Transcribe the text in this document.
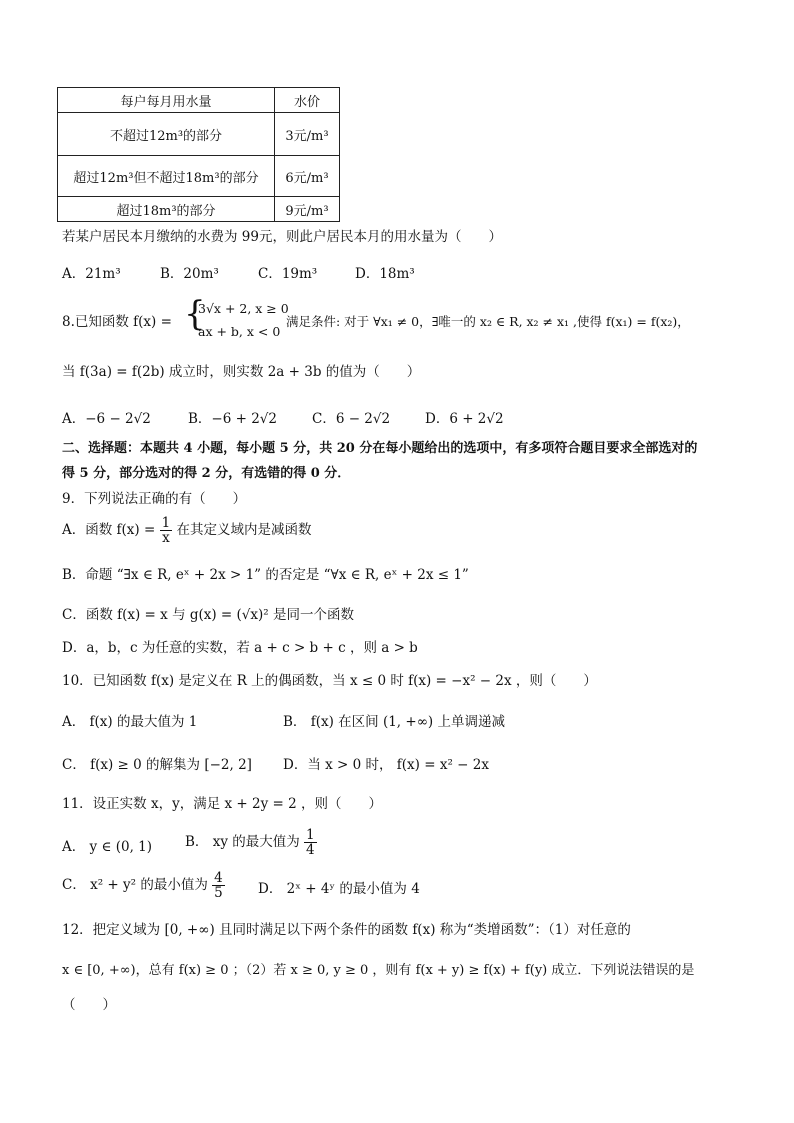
每户每月用水量	水价
不超过12m³的部分	3元/m³
超过12m³但不超过18m³的部分	6元/m³
超过18m³的部分	9元/m³
若某户居民本月缴纳的水费为 99元，则此户居民本月的用水量为（　　）
A．21m³	B．20m³	C．19m³	D．18m³
8.已知函数 f(x) = {
3√x + 2, x ≥ 0
ax + b, x < 0
满足条件: 对于 ∀x₁ ≠ 0，∃唯一的 x₂ ∈ R, x₂ ≠ x₁ ,使得 f(x₁) = f(x₂)，
当 f(3a) = f(2b) 成立时，则实数 2a + 3b 的值为（　　）
A．−6 − 2√2	B．−6 + 2√2	C．6 − 2√2	D．6 + 2√2
二、选择题：本题共 4 小题，每小题 5 分，共 20 分在每小题给出的选项中，有多项符合题目要求全部选对的
得 5 分，部分选对的得 2 分，有选错的得 0 分．
9．下列说法正确的有（　　）
A．函数 $f(x) = \frac{1}{x}$ 在其定义域内是减函数
B．命题 “∃x ∈ R, eˣ + 2x > 1” 的否定是 “∀x ∈ R, eˣ + 2x ≤ 1”
C．函数 f(x) = x 与 g(x) = (√x)² 是同一个函数
D．a，b，c 为任意的实数，若 a + c > b + c ，则 a > b
10．已知函数 f(x) 是定义在 R 上的偶函数，当 x ≤ 0 时 f(x) = −x² − 2x ，则（　　）
A． f(x) 的最大值为 1	B． f(x) 在区间 (1, +∞) 上单调递减
C． f(x) ≥ 0 的解集为 [−2, 2] D．当 x > 0 时， f(x) = x² − 2x
11．设正实数 x，y，满足 x + 2y = 2 ，则（　　）
A． y ∈ (0, 1) B． xy 的最大值为 $\frac{1}{4}$
C． x² + y² 的最小值为 $\frac{4}{5}$ D． 2ˣ + 4ʸ 的最小值为 4
12．把定义域为 [0, +∞) 且同时满足以下两个条件的函数 f(x) 称为“类增函数”：（1）对任意的
x ∈ [0, +∞)，总有 f(x) ≥ 0 ；（2）若 x ≥ 0, y ≥ 0 ，则有 f(x + y) ≥ f(x) + f(y) 成立．下列说法错误的是
（　　）
